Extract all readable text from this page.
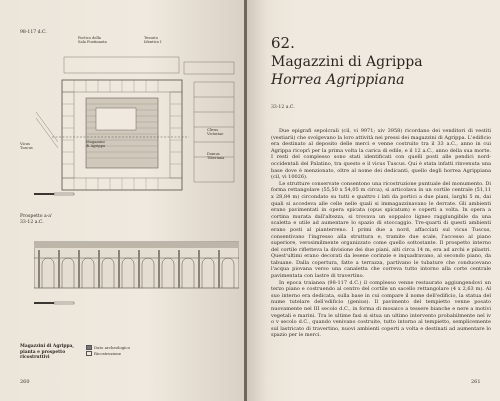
98-117 d.C.
Portico della
Sala Fontinauta
Tessuto
Identico I
Magazzini
di Agrippa
Vicus
Tuscus
Clivus
Victoriae
Domus
Tiberiana
Prospetto a-a'
33-12 a.C.
Magazzini di Agrippa,
pianta e prospetto
ricostruttivi
Dato archeologico
Ricostruzione
260
62.
Magazzini di Agrippa
Horrea Agrippiana
33-12 a.C.

Due epigrafi sepolcrali (cil, vi 9971; xiv 3958) ricordano dei venditori di vestiti (vestiarii) che svolgevano la loro attività nei pressi dei magazzini di Agrippa. L'edificio era destinato al deposito delle merci e venne costruito tra il 33 a.C., anno in cui Agrippa ricoprì per la prima volta la carica di edile, e il 12 a.C., anno della sua morte. I resti del complesso sono stati identificati con quelli posti alle pendici nord-occidentali del Palatino, tra questo e il vicus Tuscus. Qui è stata infatti rinvenuta una base dove è menzionato, oltre al nome dei dedicanti, quello degli horrea Agrippiana (cil, vi 10026).

Le strutture conservate consentono una ricostruzione puntuale del monumento. Di forma rettangolare (55,50 x 54,05 m circa), si articolava in un cortile centrale (51,11 x 28,84 m) circondato su tutti e quattro i lati da portici a due piani, larghi 5 m, dai quali si accedeva alle celle nelle quali si immagazzinavano le derrate. Gli ambienti erano pavimentati in opera spicata (opus spicatum) e coperti a volta. In opera a cortina murata dall'altezza, si trovava un soppalco ligneo raggiungibile da una scaletta e utile ad aumentare lo spazio di stoccaggio. Tre-quarti di questi ambienti erano posti al pianterreno. I primi due a nord, affacciati sul vicus Tuscus, consentivano l'ingresso alla struttura e, tramite due scale, l'accesso al piano superiore, verosimilmente organizzato come quello sottostante. Il prospetto interno del cortile rifletteva la divisione dei due piani, alti circa 14 m, era ad archi e pilastri. Quest'ultimi erano decorati da lesene corinzie e inquadravano, al secondo piano, da tabuane. Dalla copertura, fatte a terrazza, partivano le tubature che conducevano l'acqua piovana verso una canaletta che correva tutto intorno alla corte centrale pavimentata con lastre di travertino.

In epoca traianea (98-117 d.C.) il complesso venne restaurato aggiungendovi un terzo piano e costruendo al centro del cortile un sacello rettangolare (4 x 2,63 m). Al suo interno era dedicata, sulla base in cui compare il nome dell'edificio, la statua del nume tutelare dell'edificio (genius). Il pavimento del tempietto venne posato nuovamente nel III secolo d.C., in forma di mosaico a tessere bianche e nere a motivi vegetali e marini. Tra le ultime fasi si situa un ultimo intervento probabilmente nel iv o v secolo d.C., quando venivano costruite, tutto intorno al tempietto, semplicemente sul lastricato di travertino, nuovi ambienti coperti a volta e destinati ad aumentare lo spazio per le merci.

261
